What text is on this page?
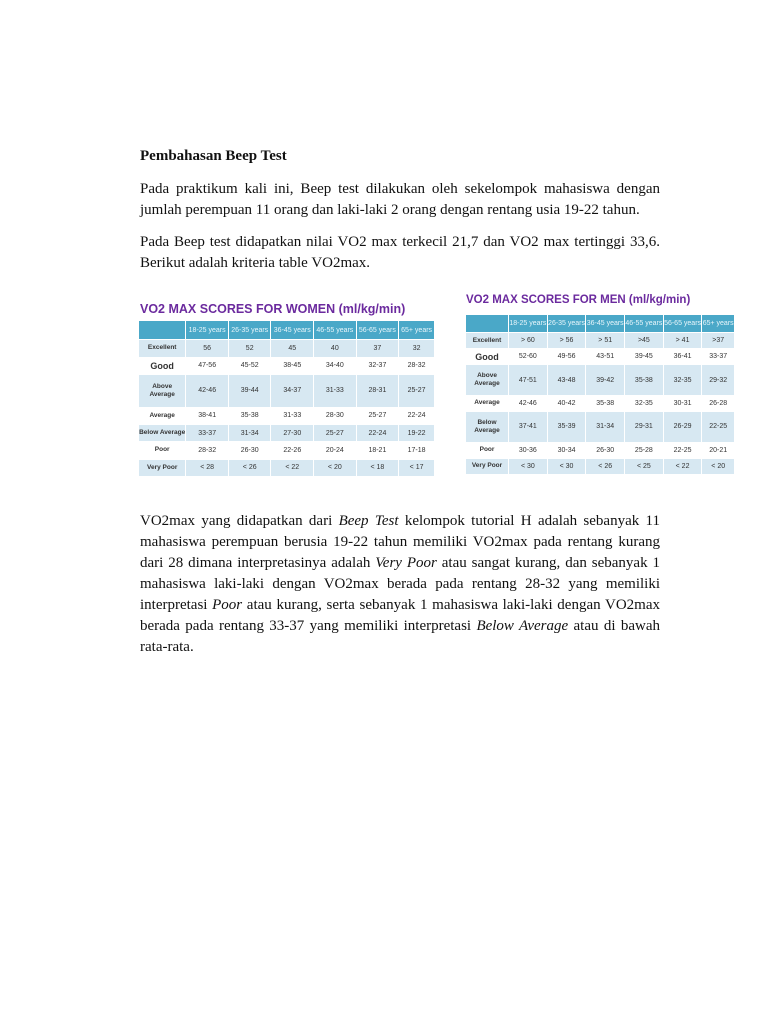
Pembahasan Beep Test

Pada praktikum kali ini, Beep test dilakukan oleh sekelompok mahasiswa dengan jumlah perempuan 11 orang dan laki-laki 2 orang dengan rentang usia 19-22 tahun.

Pada Beep test didapatkan nilai VO2 max terkecil 21,7 dan VO2 max tertinggi 33,6. Berikut adalah kriteria table VO2max.

VO2 MAX SCORES FOR WOMEN (ml/kg/min)
	18-25 years	26-35 years	36-45 years	46-55 years	56-65 years	65+ years
Excellent	56	52	45	40	37	32
Good	47-56	45-52	38-45	34-40	32-37	28-32
Above Average	42-46	39-44	34-37	31-33	28-31	25-27
Average	38-41	35-38	31-33	28-30	25-27	22-24
Below Average	33-37	31-34	27-30	25-27	22-24	19-22
Poor	28-32	26-30	22-26	20-24	18-21	17-18
Very Poor	< 28	< 26	< 22	< 20	< 18	< 17
VO2 MAX SCORES FOR MEN (ml/kg/min)
	18-25 years	26-35 years	36-45 years	46-55 years	56-65 years	65+ years
Excellent	> 60	> 56	> 51	>45	> 41	>37
Good	52-60	49-56	43-51	39-45	36-41	33-37
Above Average	47-51	43-48	39-42	35-38	32-35	29-32
Average	42-46	40-42	35-38	32-35	30-31	26-28
Below Average	37-41	35-39	31-34	29-31	26-29	22-25
Poor	30-36	30-34	26-30	25-28	22-25	20-21
Very Poor	< 30	< 30	< 26	< 25	< 22	< 20

VO2max yang didapatkan dari Beep Test kelompok tutorial H adalah sebanyak 11 mahasiswa perempuan berusia 19-22 tahun memiliki VO2max pada rentang kurang dari 28 dimana interpretasinya adalah Very Poor atau sangat kurang, dan sebanyak 1 mahasiswa laki-laki dengan VO2max berada pada rentang 28-32 yang memiliki interpretasi Poor atau kurang, serta sebanyak 1 mahasiswa laki-laki dengan VO2max berada pada rentang 33-37 yang memiliki interpretasi Below Average atau di bawah rata-rata.
